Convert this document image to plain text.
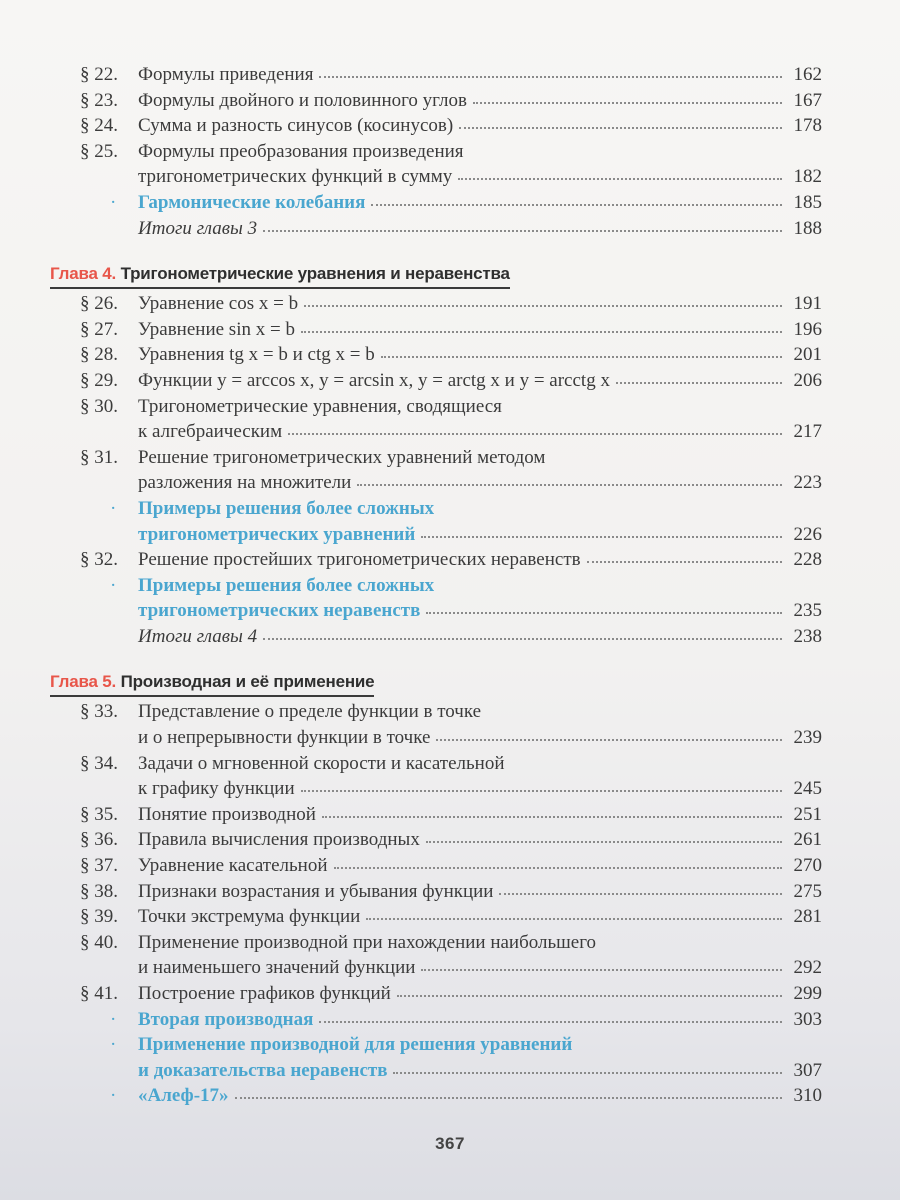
§ 22.	Формулы приведения	162
§ 23.	Формулы двойного и половинного углов	167
§ 24.	Сумма и разность синусов (косинусов)	178
§ 25.	Формулы преобразования произведения
тригонометрических функций в сумму	182
·	Гармонические колебания	185
Итоги главы 3	188
Глава 4. Тригонометрические уравнения и неравенства
§ 26.	Уравнение cos x = b	191
§ 27.	Уравнение sin x = b	196
§ 28.	Уравнения tg x = b и ctg x = b	201
§ 29.	Функции y = arccos x, y = arcsin x, y = arctg x и y = arcctg x	206
§ 30.	Тригонометрические уравнения, сводящиеся
к алгебраическим	217
§ 31.	Решение тригонометрических уравнений методом
разложения на множители	223
·	Примеры решения более сложных
тригонометрических уравнений	226
§ 32.	Решение простейших тригонометрических неравенств	228
·	Примеры решения более сложных
тригонометрических неравенств	235
Итоги главы 4	238
Глава 5. Производная и её применение
§ 33.	Представление о пределе функции в точке
и о непрерывности функции в точке	239
§ 34.	Задачи о мгновенной скорости и касательной
к графику функции	245
§ 35.	Понятие производной	251
§ 36.	Правила вычисления производных	261
§ 37.	Уравнение касательной	270
§ 38.	Признаки возрастания и убывания функции	275
§ 39.	Точки экстремума функции	281
§ 40.	Применение производной при нахождении наибольшего
и наименьшего значений функции	292
§ 41.	Построение графиков функций	299
·	Вторая производная	303
·	Применение производной для решения уравнений
и доказательства неравенств	307
·	«Алеф-17»	310
367
